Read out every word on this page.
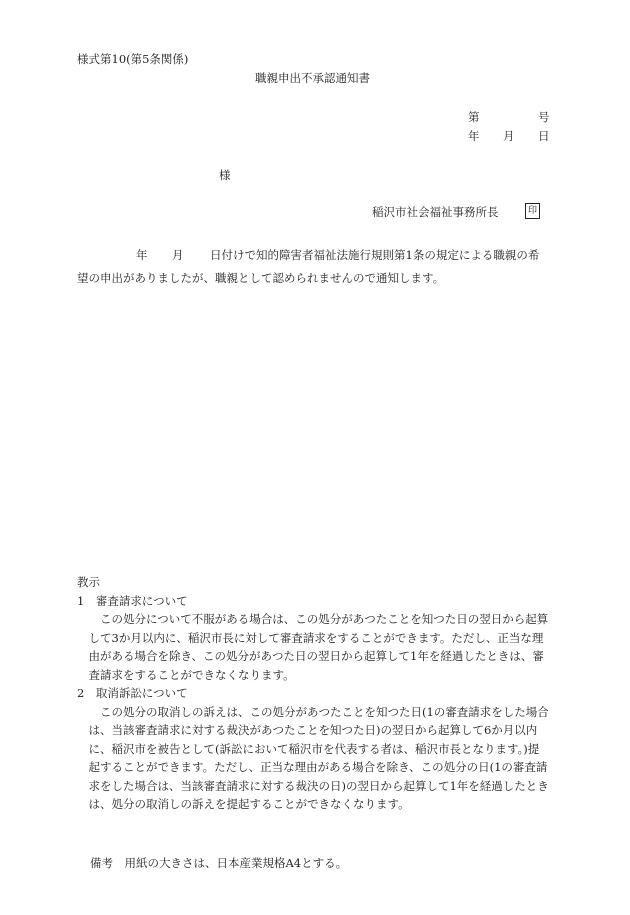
様式第10(第5条関係)
職親申出不承認通知書
第	号
年 月 日
様
稲沢市社会福祉事務所長	印
年 月 日付けで知的障害者福祉法施行規則第1条の規定による職親の希
望の申出がありましたが、職親として認められませんので通知します。
教示
1　審査請求について
　　この処分について不服がある場合は、この処分があつたことを知つた日の翌日から起算
　して3か月以内に、稲沢市長に対して審査請求をすることができます。ただし、正当な理
　由がある場合を除き、この処分があつた日の翌日から起算して1年を経過したときは、審
　査請求をすることができなくなります。
2　取消訴訟について
　　この処分の取消しの訴えは、この処分があつたことを知つた日(1の審査請求をした場合
　は、当該審査請求に対する裁決があつたことを知つた日)の翌日から起算して6か月以内
　に、稲沢市を被告として(訴訟において稲沢市を代表する者は、稲沢市長となります。)提
　起することができます。ただし、正当な理由がある場合を除き、この処分の日(1の審査請
　求をした場合は、当該審査請求に対する裁決の日)の翌日から起算して1年を経過したとき
　は、処分の取消しの訴えを提起することができなくなります。
備考　用紙の大きさは、日本産業規格A4とする。
